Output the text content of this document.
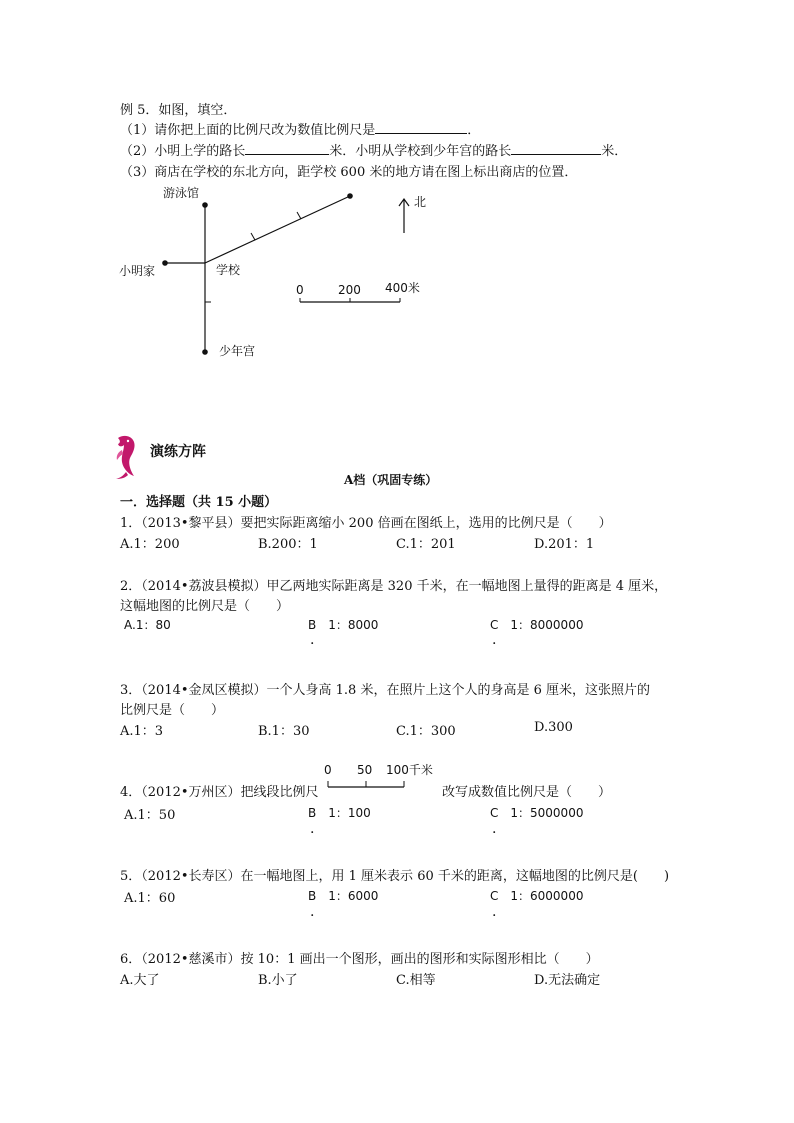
例 5．如图，填空．
（1）请你把上面的比例尺改为数值比例尺是	．
（2）小明上学的路长	米．小明从学校到少年宫的路长	米．
（3）商店在学校的东北方向，距学校 600 米的地方请在图上标出商店的位置．
游泳馆
小明家	学校
少年宫
北
0	200 400米
演练方阵
A档（巩固专练）
一．选择题（共 15 小题）
1．（2013•黎平县）要把实际距离缩小 200 倍画在图纸上，选用的比例尺是（　　）
A.1：200	B.200：1	C.1：201	D.201：1
2．（2014•荔波县模拟）甲乙两地实际距离是 320 千米，在一幅地图上量得的距离是 4 厘米，
这幅地图的比例尺是（　　）
A.1：80	B　1：8000	C　1：8000000
.	.
3．（2014•金凤区模拟）一个人身高 1.8 米，在照片上这个人的身高是 6 厘米，这张照片的
比例尺是（　　）
A.1：3	B.1：30	C.1：300	D.300
0 50 100千米
4．（2012•万州区）把线段比例尺	改写成数值比例尺是（　　）
A.1：50	B　1：100	C　1：5000000
.	.
5．（2012•长寿区）在一幅地图上，用 1 厘米表示 60 千米的距离，这幅地图的比例尺是(　　)
A.1：60	B　1：6000	C　1：6000000
.	.
6．（2012•慈溪市）按 10：1 画出一个图形，画出的图形和实际图形相比（　　）
A.大了	B.小了	C.相等	D.无法确定
